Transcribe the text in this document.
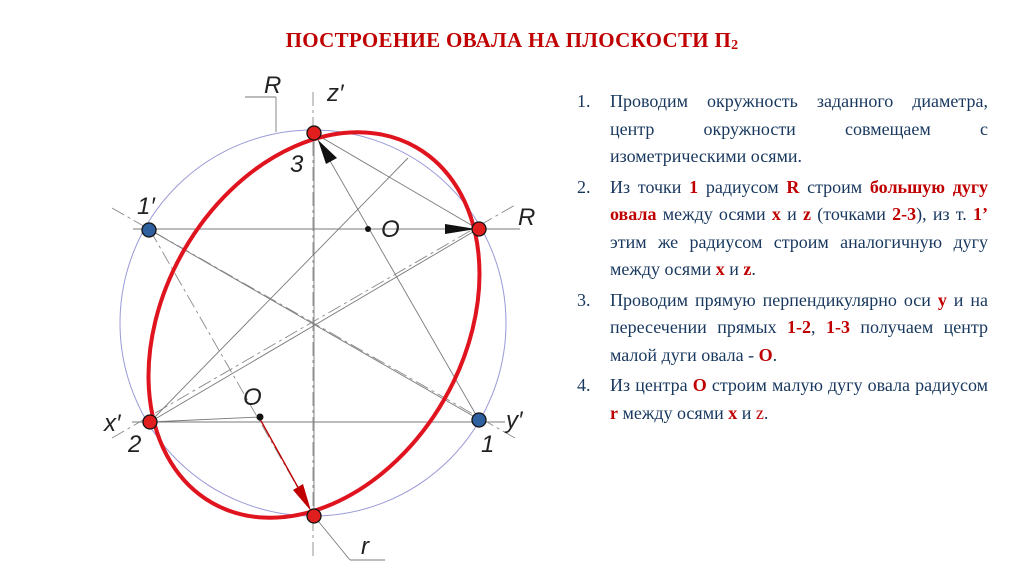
ПОСТРОЕНИЕ ОВАЛА НА ПЛОСКОСТИ П2
R z′
3
1′
O	R
O
x′
2
y′
1
r
1. Проводим окружность заданного диаметра, центр окружности совмещаем с изометрическими осями.
2. Из точки 1 радиусом R строим большую дугу овала между осями x и z (точками 2-3), из т. 1’ этим же радиусом строим аналогичную дугу между осями x и z.
3. Проводим прямую перпендикулярно оси y и на пересечении прямых 1-2, 1-3 получаем центр малой дуги овала - O.
4. Из центра O строим малую дугу овала радиусом r между осями x и z.
